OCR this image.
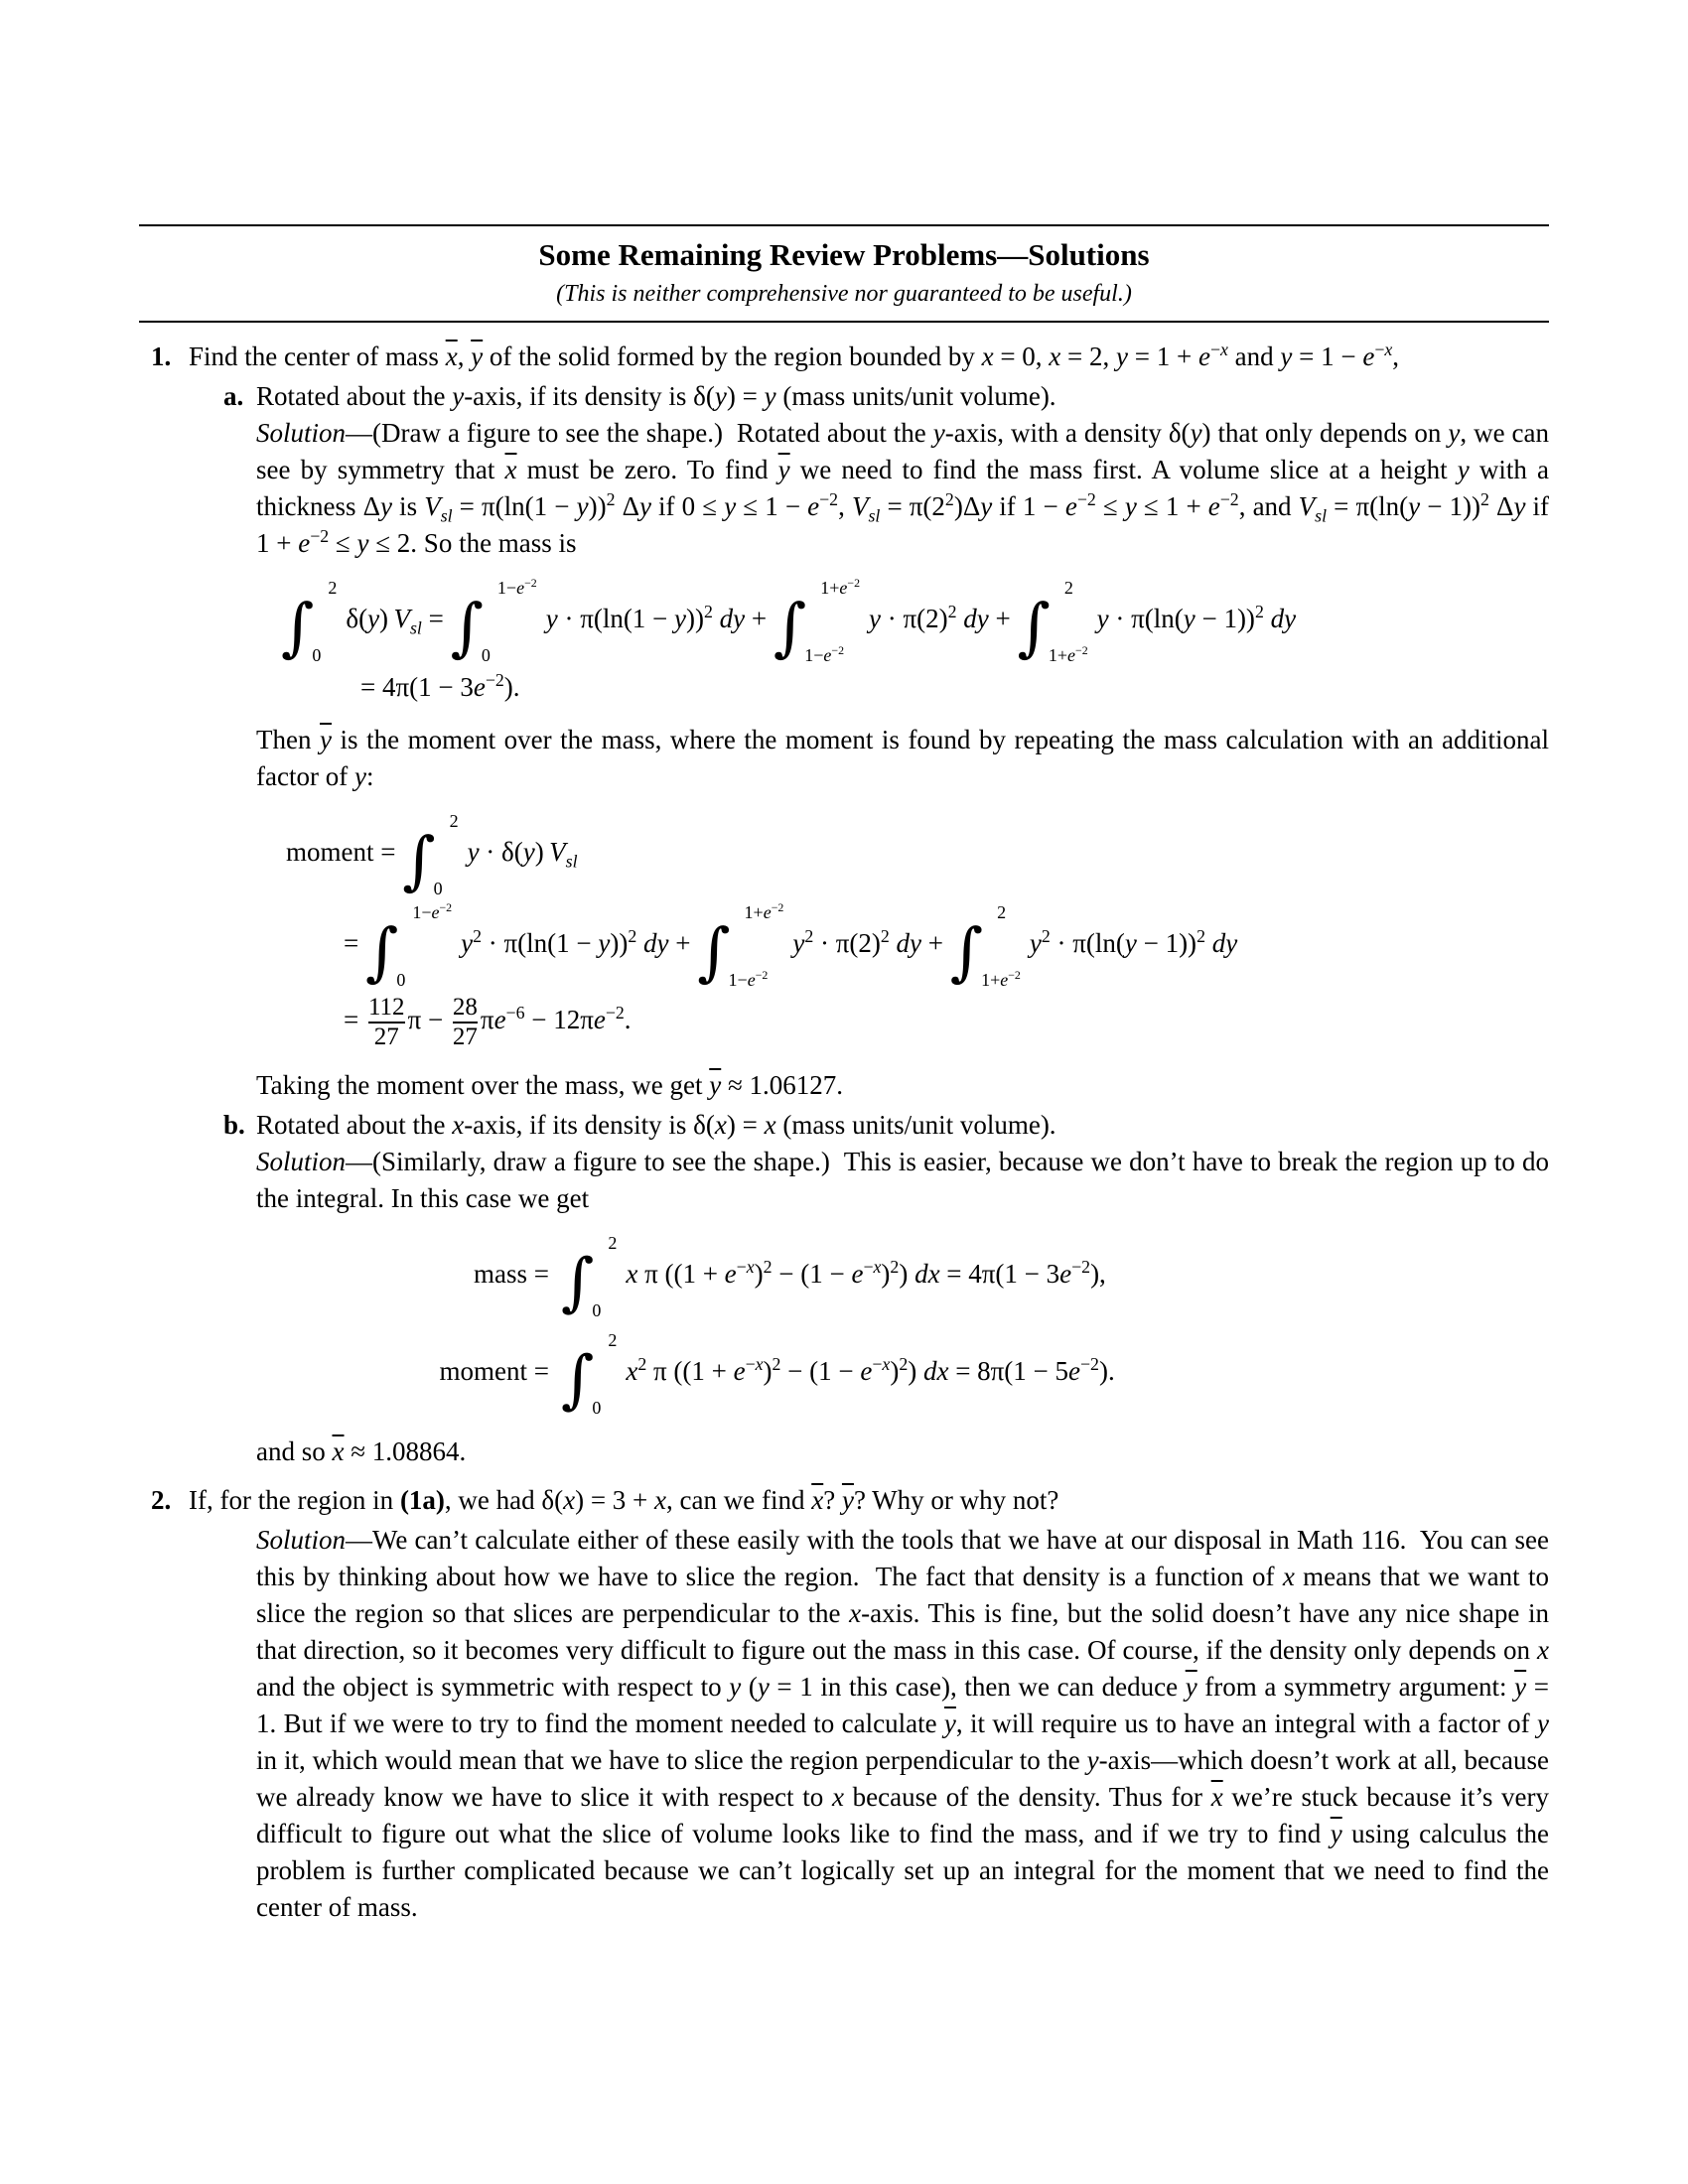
Some Remaining Review Problems—Solutions
(This is neither comprehensive nor guaranteed to be useful.)
1. Find the center of mass $\overline{x}$, $\overline{y}$ of the solid formed by the region bounded by x = 0, x = 2, $y = 1 + e^{-x}$ and $y = 1 - e^{-x}$,

a. Rotated about the y-axis, if its density is δ(y) = y (mass units/unit volume).

Solution—(Draw a figure to see the shape.)  Rotated about the y-axis, with a density δ(y) that only depends on y, we can see by symmetry that $\overline{x}$ must be zero. To find $\overline{y}$ we need to find the mass first. A volume slice at a height y with a thickness Δy is $V_{sl} = \pi(\ln(1 - y))^2$ Δy if $0 \le y \le 1 - e^{-2}$, $V_{sl} = \pi(2^2)\Delta y$ if $1 - e^{-2} \le y \le 1 + e^{-2}$, and $V_{sl} = \pi(\ln(y - 1))^2$ Δy if $1 + e^{-2} \le y \le 2$. So the mass is

∫
2
0
δ(y) $V_{sl}$ = ∫
$1-e^{-2}$
0
$y \cdot \pi(\ln(1 - y))^2$ dy + ∫
$1+e^{-2}$
$1-e^{-2}$
$y \cdot \pi(2)^2$ dy + ∫
2
$1+e^{-2}$
$y \cdot \pi(\ln(y - 1))^2$ dy
= $4\pi(1 - 3e^{-2})$.

Then $\overline{y}$ is the moment over the mass, where the moment is found by repeating the mass calculation with an additional factor of y:

moment = ∫
2
0
y · δ(y) $V_{sl}$
= ∫
$1-e^{-2}$
0
$y^2 \cdot \pi(\ln(1 - y))^2$ dy + ∫
$1+e^{-2}$
$1-e^{-2}$
$y^2 \cdot \pi(2)^2$ dy + ∫
2
$1+e^{-2}$
$y^2 \cdot \pi(\ln(y - 1))^2$ dy
= $\frac{112}{27}$ $\pi - \frac{28}{27} \pi e^{-6} - 12\pi e^{-2}$.

Taking the moment over the mass, we get $\overline{y} \approx 1.06127$.

b. Rotated about the x-axis, if its density is δ(x) = x (mass units/unit volume).

Solution—(Similarly, draw a figure to see the shape.)  This is easier, because we don’t have to break the region up to do the integral. In this case we get

mass = ∫
2
0
x π $((1 + e^{-x})^2 - (1 - e^{-x})^2)$ dx = $4\pi(1 - 3e^{-2})$,
moment = ∫
2
0
$x^2$ π $((1 + e^{-x})^2 - (1 - e^{-x})^2)$ dx = $8\pi(1 - 5e^{-2})$.

and so $\overline{x} \approx 1.08864$.

2. If, for the region in (1a), we had δ(x) = 3 + x, can we find $\overline{x}$? $\overline{y}$? Why or why not?

Solution—We can’t calculate either of these easily with the tools that we have at our disposal in Math 116.  You can see this by thinking about how we have to slice the region.  The fact that density is a function of x means that we want to slice the region so that slices are perpendicular to the x-axis. This is fine, but the solid doesn’t have any nice shape in that direction, so it becomes very difficult to figure out the mass in this case. Of course, if the density only depends on x and the object is symmetric with respect to y (y = 1 in this case), then we can deduce $\overline{y}$ from a symmetry argument: $\overline{y} = 1$. But if we were to try to find the moment needed to calculate $\overline{y}$, it will require us to have an integral with a factor of y in it, which would mean that we have to slice the region perpendicular to the y-axis—which doesn’t work at all, because we already know we have to slice it with respect to x because of the density. Thus for $\overline{x}$ we’re stuck because it’s very difficult to figure out what the slice of volume looks like to find the mass, and if we try to find $\overline{y}$ using calculus the problem is further complicated because we can’t logically set up an integral for the moment that we need to find the center of mass.
